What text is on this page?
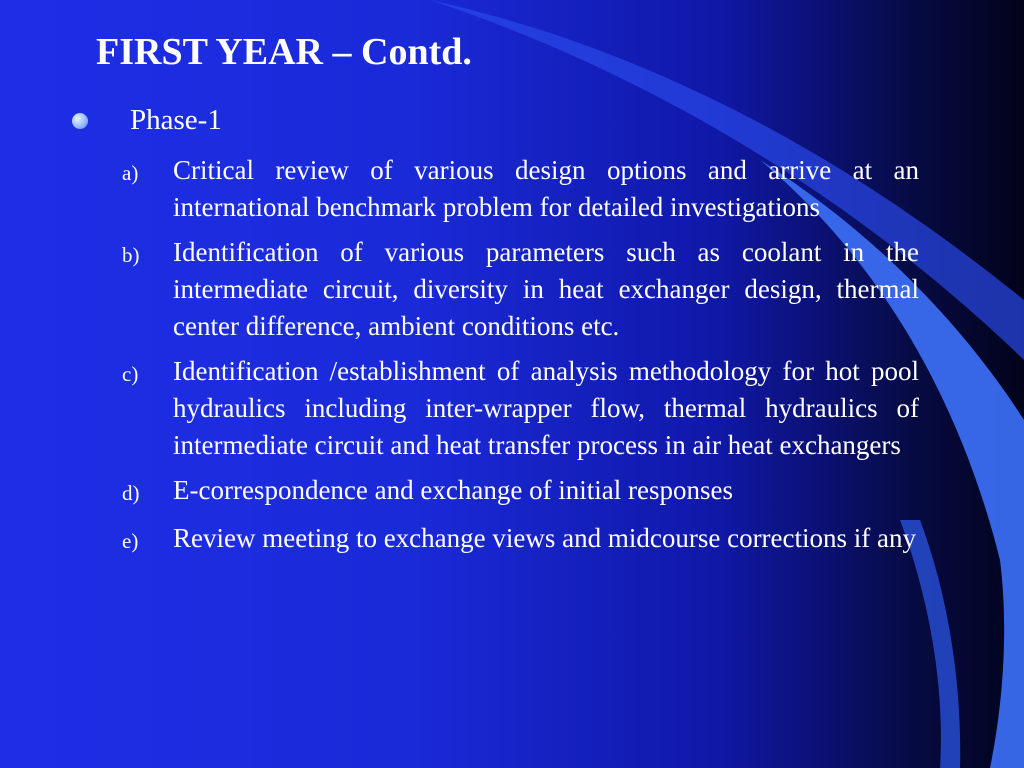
FIRST YEAR – Contd.
Phase-1
a)	Critical review of various design options and arrive at an international benchmark problem for detailed investigations
b)	Identification of various parameters such as coolant in the intermediate circuit, diversity in heat exchanger design, thermal center difference, ambient conditions etc.
c)	Identification /establishment of analysis methodology for hot pool hydraulics including inter-wrapper flow, thermal hydraulics of intermediate circuit and heat transfer process in air heat exchangers
d)	E-correspondence and exchange of initial responses
e)	Review meeting to exchange views and midcourse corrections if any
